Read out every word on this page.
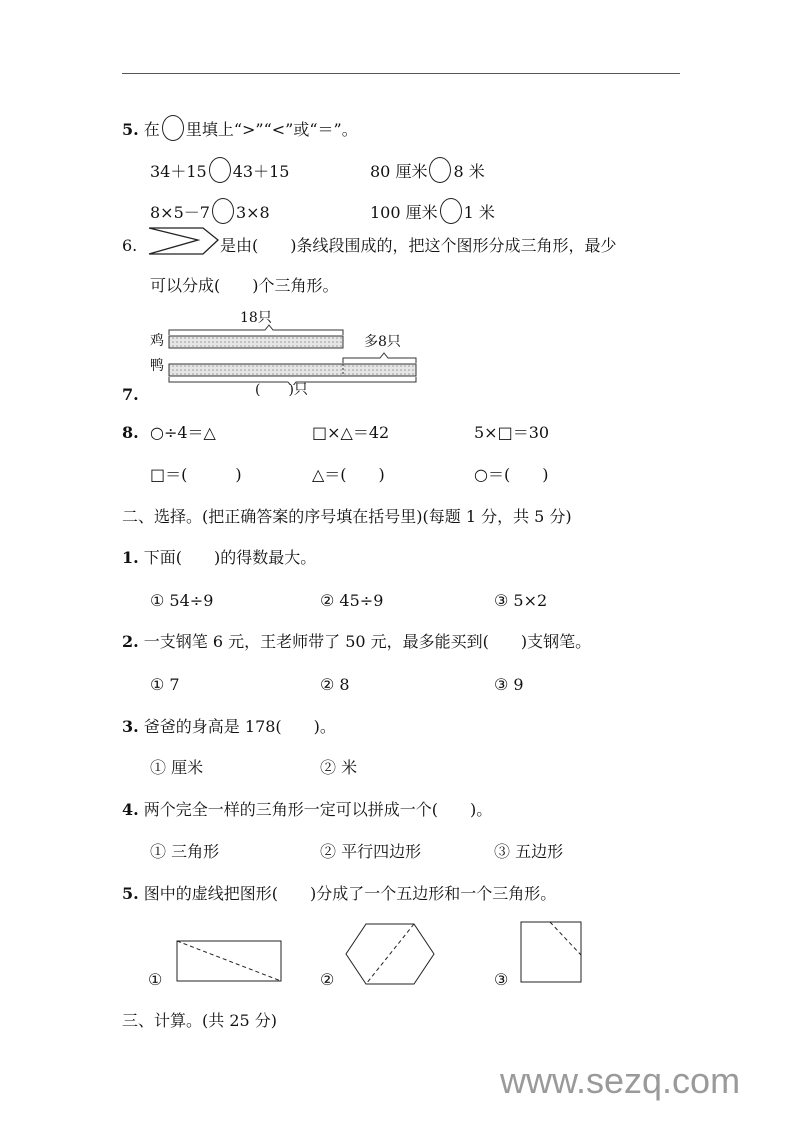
5. 在 里填上“>”“<”或“＝”。
34＋15 43＋15	80 厘米 8 米
8×5－7 3×8	100 厘米 1 米
6.	是由(　　)条线段围成的，把这个图形分成三角形，最少
可以分成(　　)个三角形。
18只
多8只
鸡
鸭
(　　)只
7.
8. ○÷4＝△	□×△＝42	5×□＝30
□＝(　　　)	△＝(　　)	○＝(　　)
二、选择。(把正确答案的序号填在括号里)(每题 1 分，共 5 分)
1. 下面(　　)的得数最大。
① 54÷9	② 45÷9	③ 5×2
2. 一支钢笔 6 元，王老师带了 50 元，最多能买到(　　)支钢笔。
① 7	② 8	③ 9
3. 爸爸的身高是 178(　　)。
① 厘米	② 米
4. 两个完全一样的三角形一定可以拼成一个(　　)。
① 三角形	② 平行四边形	③ 五边形
5. 图中的虚线把图形(　　)分成了一个五边形和一个三角形。
①	②	③
三、计算。(共 25 分)
www.sezq.com
